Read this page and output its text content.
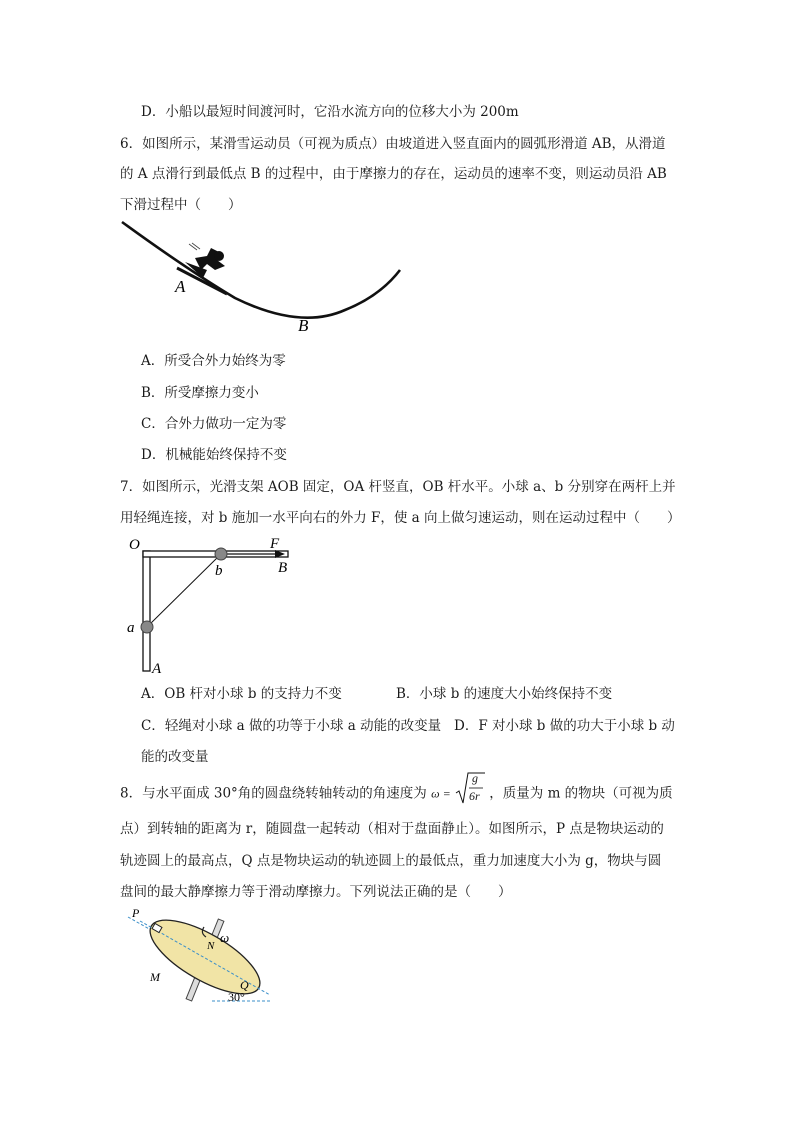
D．小船以最短时间渡河时，它沿水流方向的位移大小为 200m
6．如图所示，某滑雪运动员（可视为质点）由坡道进入竖直面内的圆弧形滑道 AB，从滑道
的 A 点滑行到最低点 B 的过程中，由于摩擦力的存在，运动员的速率不变，则运动员沿 AB
下滑过程中（　　）
A
B
A．所受合外力始终为零
B．所受摩擦力变小
C．合外力做功一定为零
D．机械能始终保持不变
7．如图所示，光滑支架 AOB 固定，OA 杆竖直，OB 杆水平。小球 a、b 分别穿在两杆上并
用轻绳连接，对 b 施加一水平向右的外力 F，使 a 向上做匀速运动，则在运动过程中（　　）
O	F
b	B
a
A
A．OB 杆对小球 b 的支持力不变	B．小球 b 的速度大小始终保持不变
C．轻绳对小球 a 做的功等于小球 a 动能的改变量 D．F 对小球 b 做的功大于小球 b 动
能的改变量
8．与水平面成 30°角的圆盘绕转轴转动的角速度为 ω =
g
6r ，质量为 m 的物块（可视为质
点）到转轴的距离为 r，随圆盘一起转动（相对于盘面静止）。如图所示，P 点是物块运动的
轨迹圆上的最高点，Q 点是物块运动的轨迹圆上的最低点，重力加速度大小为 g，物块与圆
盘间的最大静摩擦力等于滑动摩擦力。下列说法正确的是（　　）
P
N
ω
M
Q
30°
